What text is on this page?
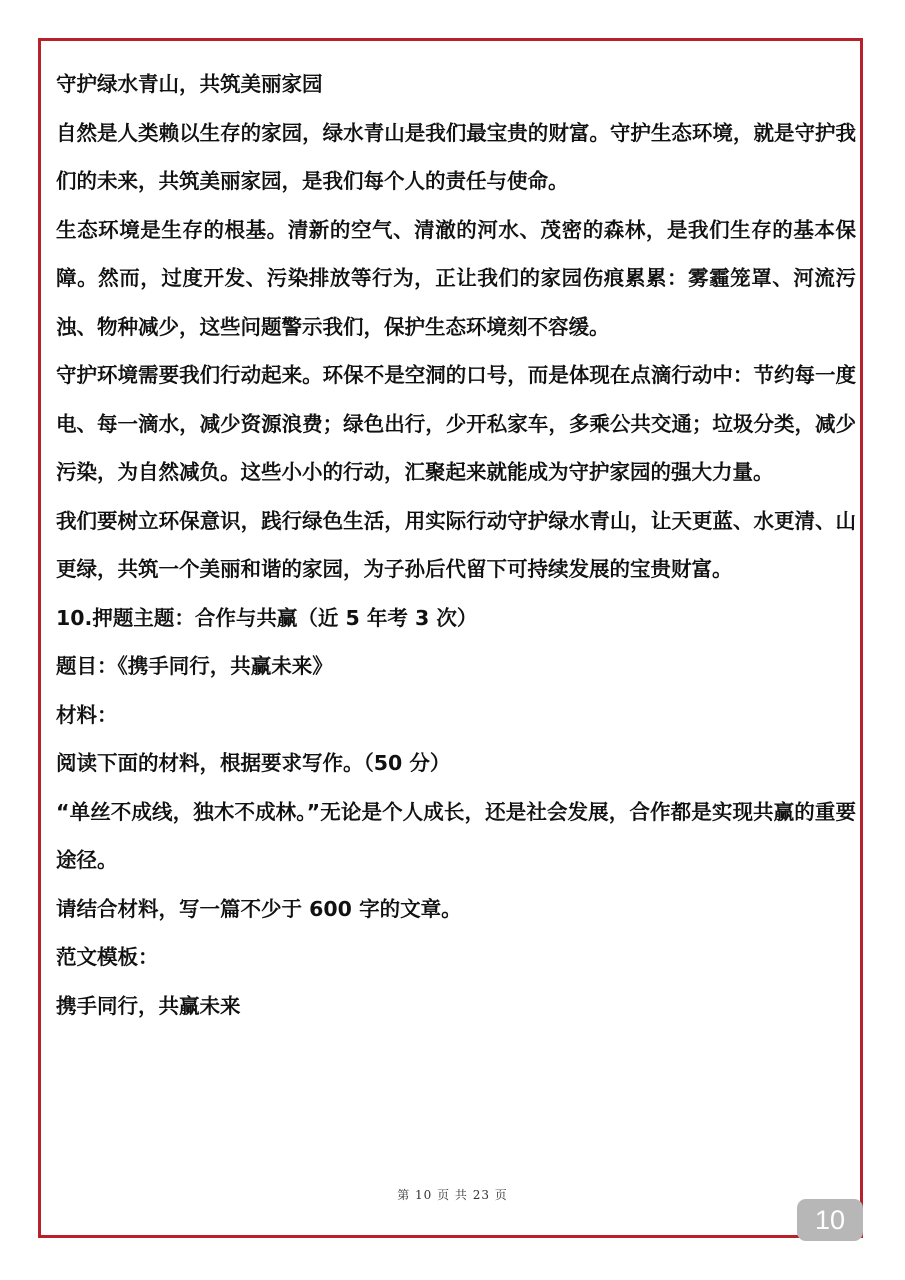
守护绿水青山，共筑美丽家园

自然是人类赖以生存的家园，绿水青山是我们最宝贵的财富。守护生态环境，就是守护我们的未来，共筑美丽家园，是我们每个人的责任与使命。

生态环境是生存的根基。清新的空气、清澈的河水、茂密的森林，是我们生存的基本保障。然而，过度开发、污染排放等行为，正让我们的家园伤痕累累：雾霾笼罩、河流污浊、物种减少，这些问题警示我们，保护生态环境刻不容缓。

守护环境需要我们行动起来。环保不是空洞的口号，而是体现在点滴行动中：节约每一度电、每一滴水，减少资源浪费；绿色出行，少开私家车，多乘公共交通；垃圾分类，减少污染，为自然减负。这些小小的行动，汇聚起来就能成为守护家园的强大力量。

我们要树立环保意识，践行绿色生活，用实际行动守护绿水青山，让天更蓝、水更清、山更绿，共筑一个美丽和谐的家园，为子孙后代留下可持续发展的宝贵财富。

10.押题主题：合作与共赢（近 5 年考 3 次）

题目：《携手同行，共赢未来》

材料：

阅读下面的材料，根据要求写作。（50 分）

“单丝不成线，独木不成林。”无论是个人成长，还是社会发展，合作都是实现共赢的重要途径。

请结合材料，写一篇不少于 600 字的文章。

范文模板：

携手同行，共赢未来

第 10 页 共 23 页
10
